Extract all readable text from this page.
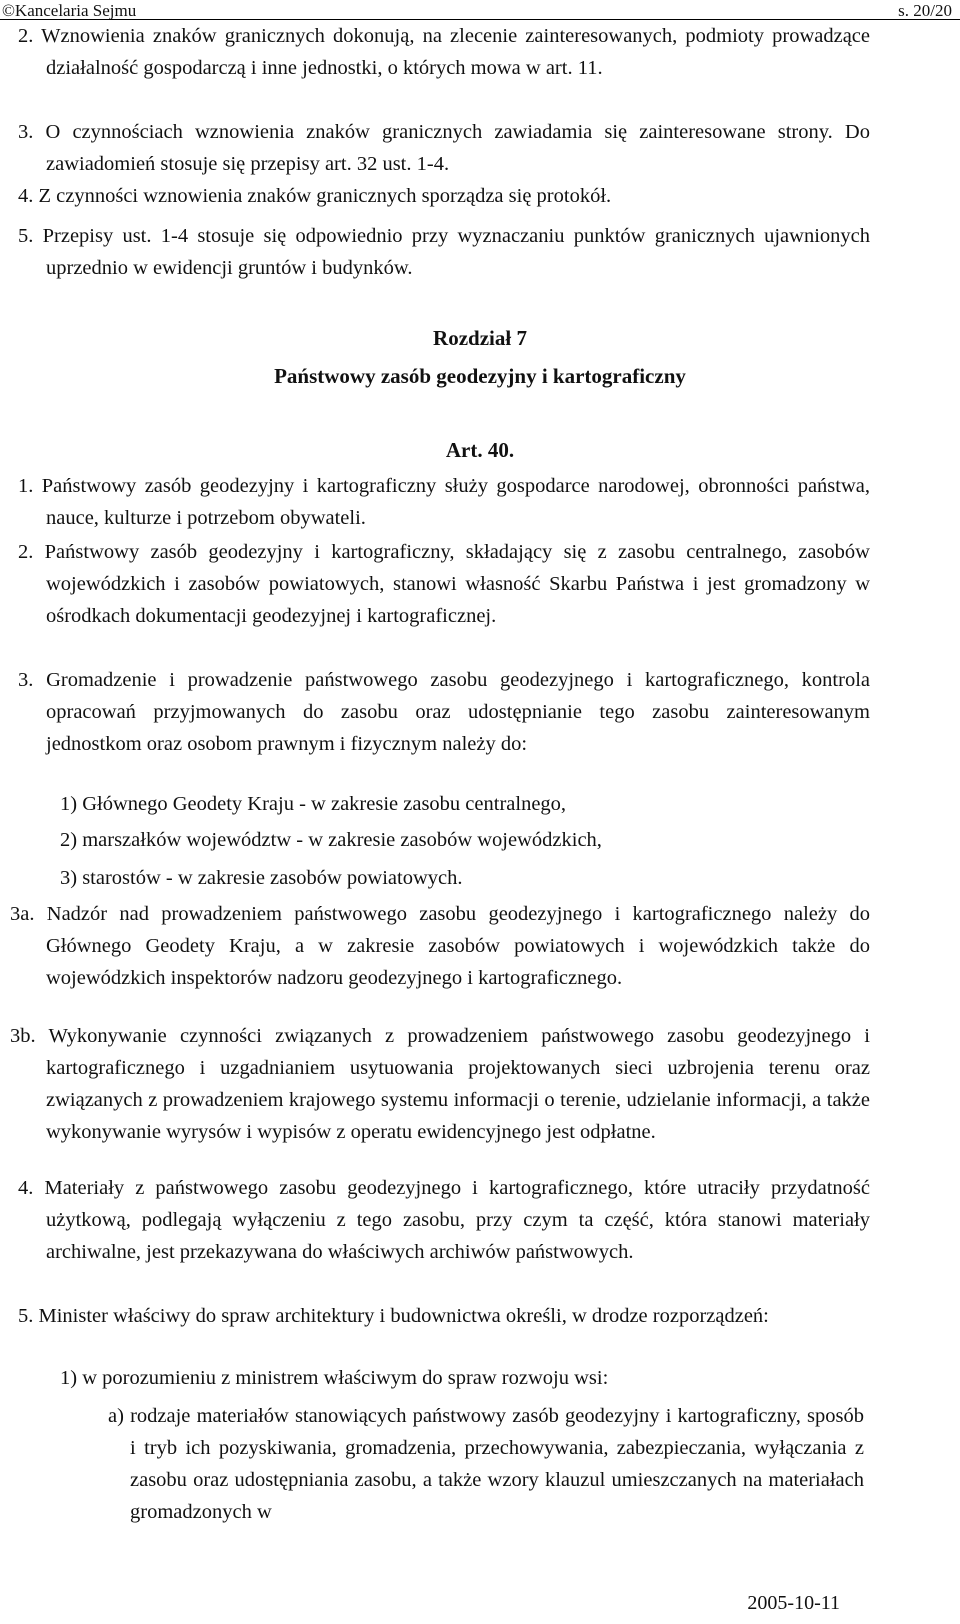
©Kancelaria Sejmu	s. 20/20

2. Wznowienia znaków granicznych dokonują, na zlecenie zainteresowanych, podmioty prowadzące działalność gospodarczą i inne jednostki, o których mowa w art. 11.

3. O czynnościach wznowienia znaków granicznych zawiadamia się zainteresowane strony. Do zawiadomień stosuje się przepisy art. 32 ust. 1-4.

4. Z czynności wznowienia znaków granicznych sporządza się protokół.

5. Przepisy ust. 1-4 stosuje się odpowiednio przy wyznaczaniu punktów granicznych ujawnionych uprzednio w ewidencji gruntów i budynków.

Rozdział 7

Państwowy zasób geodezyjny i kartograficzny

Art. 40.

1. Państwowy zasób geodezyjny i kartograficzny służy gospodarce narodowej, obronności państwa, nauce, kulturze i potrzebom obywateli.

2. Państwowy zasób geodezyjny i kartograficzny, składający się z zasobu centralnego, zasobów wojewódzkich i zasobów powiatowych, stanowi własność Skarbu Państwa i jest gromadzony w ośrodkach dokumentacji geodezyjnej i kartograficznej.

3. Gromadzenie i prowadzenie państwowego zasobu geodezyjnego i kartograficznego, kontrola opracowań przyjmowanych do zasobu oraz udostępnianie tego zasobu zainteresowanym jednostkom oraz osobom prawnym i fizycznym należy do:

1) Głównego Geodety Kraju - w zakresie zasobu centralnego,

2) marszałków województw - w zakresie zasobów wojewódzkich,

3) starostów - w zakresie zasobów powiatowych.

3a. Nadzór nad prowadzeniem państwowego zasobu geodezyjnego i kartograficznego należy do Głównego Geodety Kraju, a w zakresie zasobów powiatowych i wojewódzkich także do wojewódzkich inspektorów nadzoru geodezyjnego i kartograficznego.

3b. Wykonywanie czynności związanych z prowadzeniem państwowego zasobu geodezyjnego i kartograficznego i uzgadnianiem usytuowania projektowanych sieci uzbrojenia terenu oraz związanych z prowadzeniem krajowego systemu informacji o terenie, udzielanie informacji, a także wykonywanie wyrysów i wypisów z operatu ewidencyjnego jest odpłatne.

4. Materiały z państwowego zasobu geodezyjnego i kartograficznego, które utraciły przydatność użytkową, podlegają wyłączeniu z tego zasobu, przy czym ta część, która stanowi materiały archiwalne, jest przekazywana do właściwych archiwów państwowych.

5. Minister właściwy do spraw architektury i budownictwa określi, w drodze rozporządzeń:

1) w porozumieniu z ministrem właściwym do spraw rozwoju wsi:

a) rodzaje materiałów stanowiących państwowy zasób geodezyjny i kartograficzny, sposób i tryb ich pozyskiwania, gromadzenia, przechowywania, zabezpieczania, wyłączania z zasobu oraz udostępniania zasobu, a także wzory klauzul umieszczanych na materiałach gromadzonych w

2005-10-11
